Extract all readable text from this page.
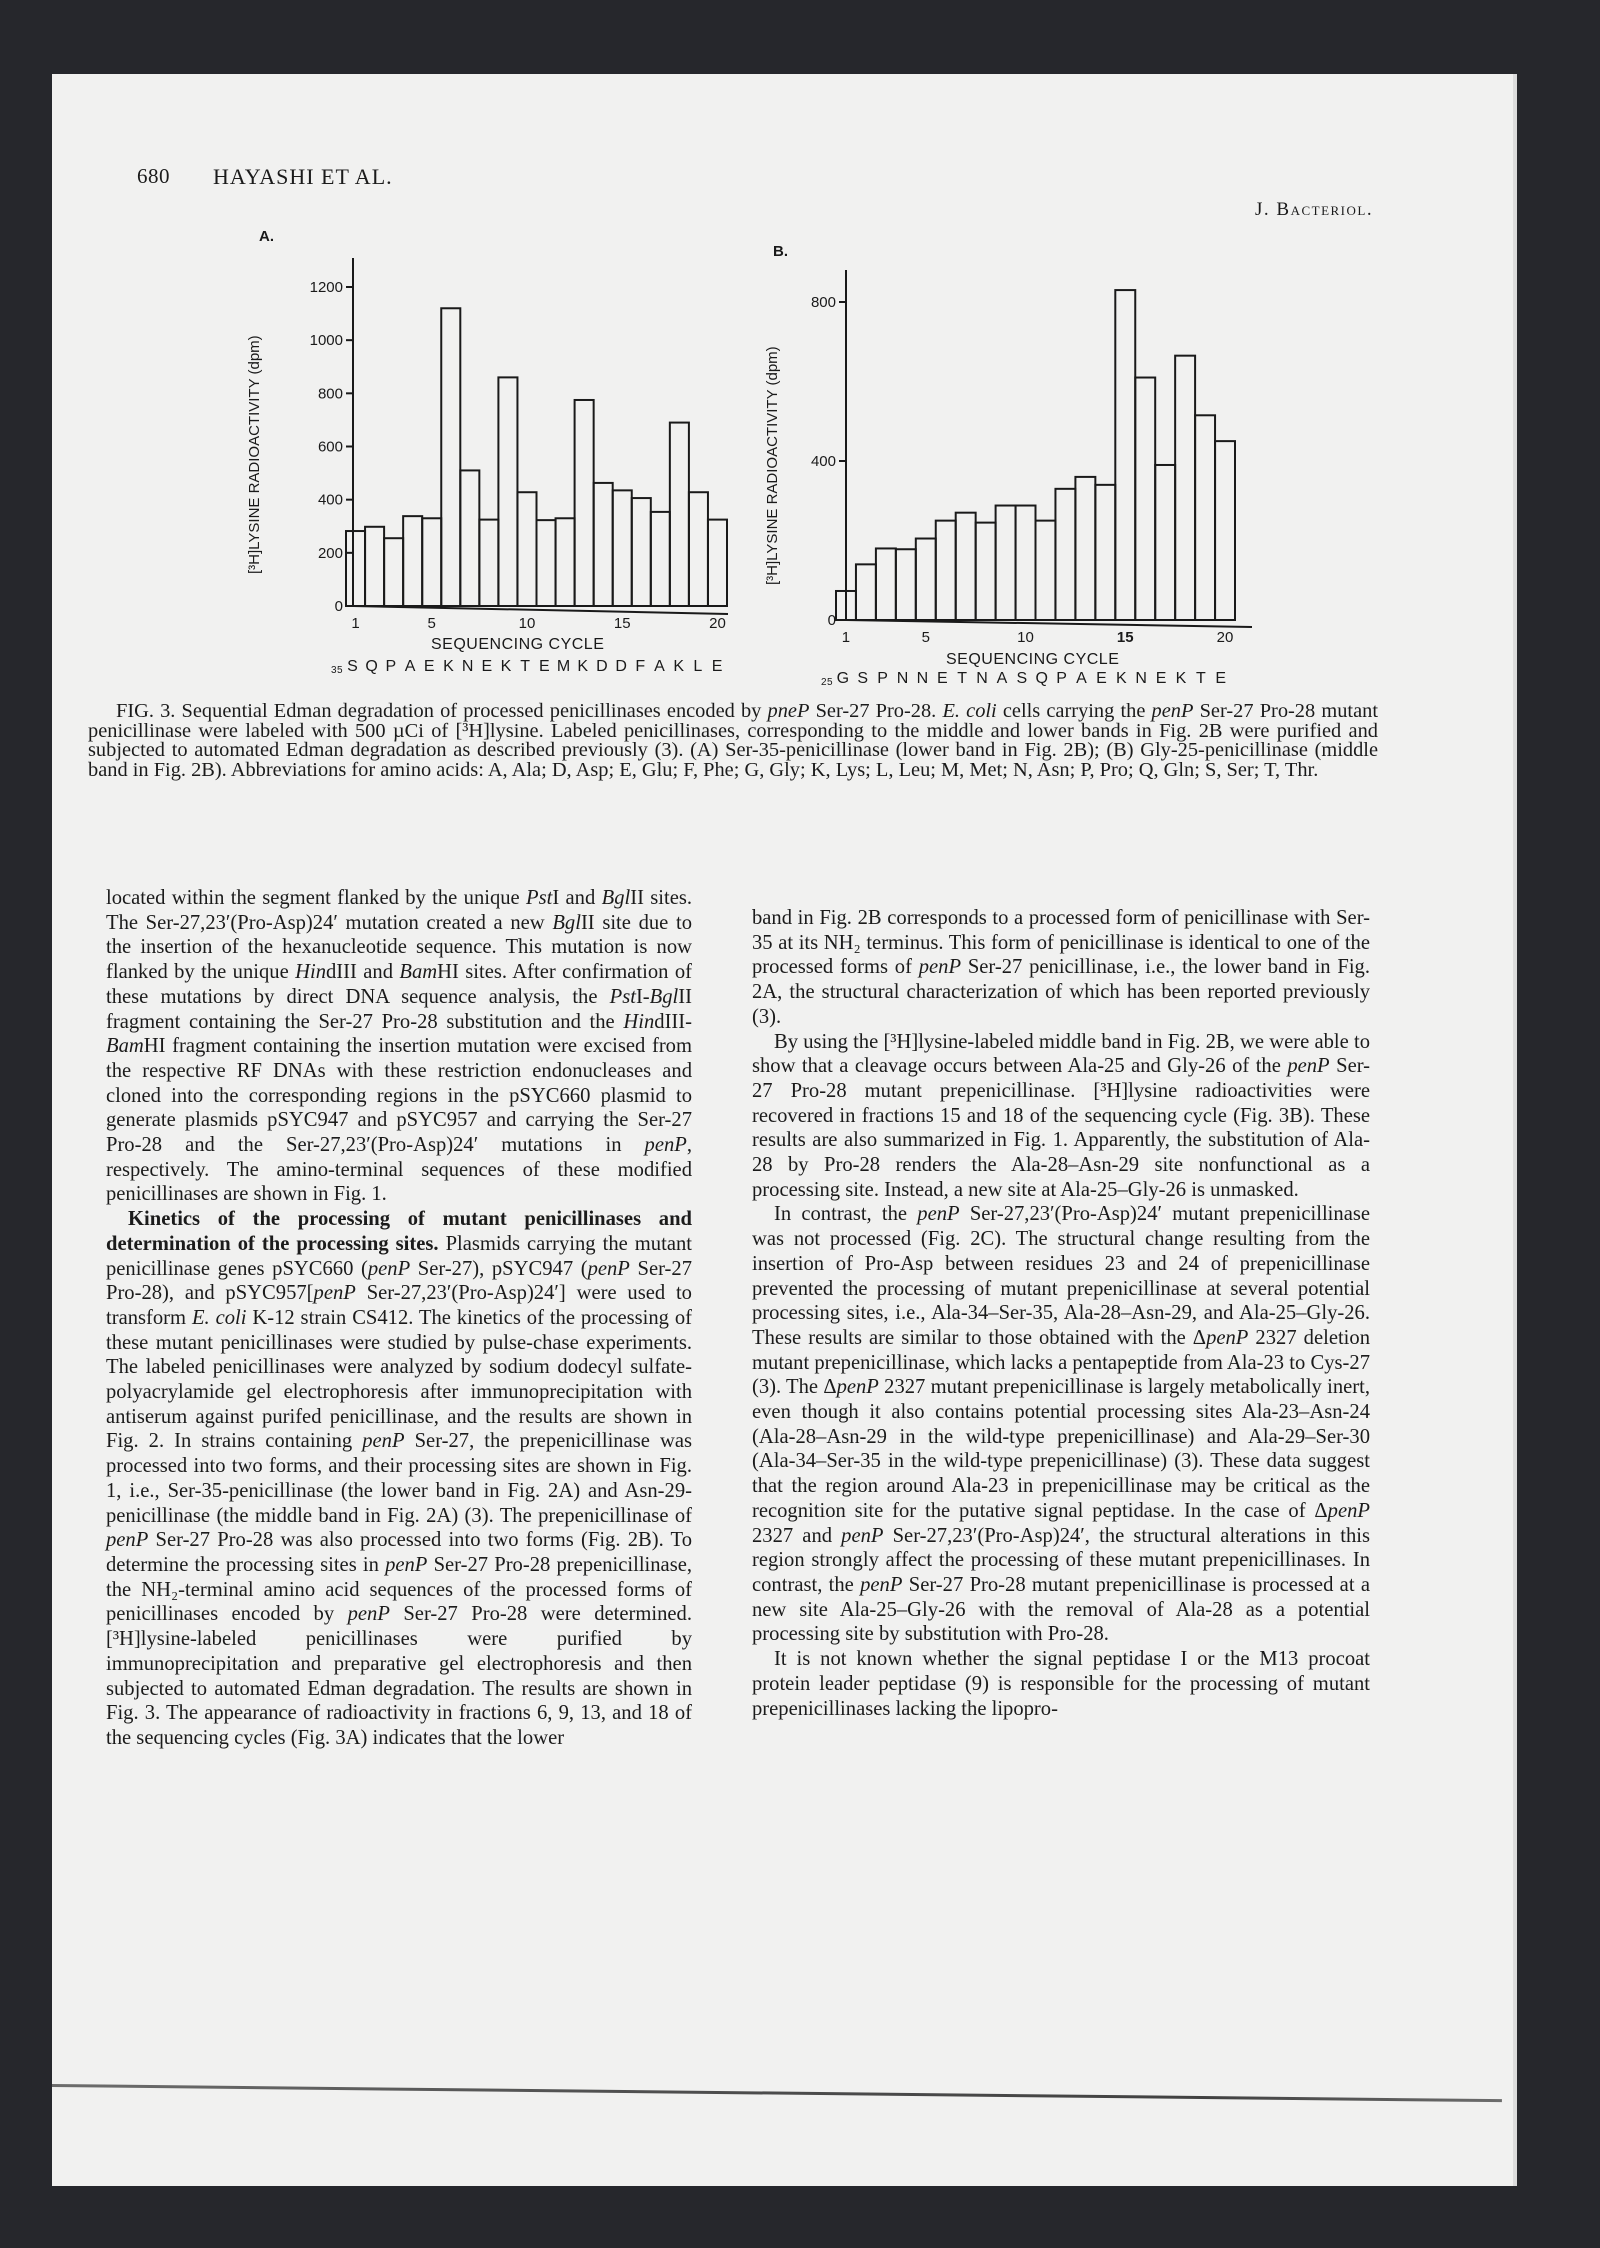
680 HAYASHI ET AL.
J. Bacteriol.
A.
[³H]LYSINE RADIOACTIVITY (dpm)
0
200
400
600
800
1000
1200
1	5	10	15	20
SEQUENCING CYCLE
$_{35}$ S Q P A E K N E K T E M K D D F A K L E
B.
[³H]LYSINE RADIOACTIVITY (dpm)
0
400
800
1	5	10	15	20
SEQUENCING CYCLE
$_{25}$ G S P N N E T N A S Q P A E K N E K T E
FIG. 3. Sequential Edman degradation of processed penicillinases encoded by pneP Ser-27 Pro-28. E. coli cells carrying the penP Ser-27 Pro-28 mutant penicillinase were labeled with 500 µCi of [³H]lysine. Labeled penicillinases, corresponding to the middle and lower bands in Fig. 2B were purified and subjected to automated Edman degradation as described previously (3). (A) Ser-35-penicillinase (lower band in Fig. 2B); (B) Gly-25-penicillinase (middle band in Fig. 2B). Abbreviations for amino acids: A, Ala; D, Asp; E, Glu; F, Phe; G, Gly; K, Lys; L, Leu; M, Met; N, Asn; P, Pro; Q, Gln; S, Ser; T, Thr.

located within the segment flanked by the unique PstI and BglII sites. The Ser-27,23′(Pro-Asp)24′ mutation created a new BglII site due to the insertion of the hexanucleotide sequence. This mutation is now flanked by the unique HindIII and BamHI sites. After confirmation of these mutations by direct DNA sequence analysis, the PstI-BglII fragment containing the Ser-27 Pro-28 substitution and the HindIII-BamHI fragment containing the insertion mutation were excised from the respective RF DNAs with these restriction endonucleases and cloned into the corresponding regions in the pSYC660 plasmid to generate plasmids pSYC947 and pSYC957 and carrying the Ser-27 Pro-28 and the Ser-27,23′(Pro-Asp)24′ mutations in penP, respectively. The amino-terminal sequences of these modified penicillinases are shown in Fig. 1.

Kinetics of the processing of mutant penicillinases and determination of the processing sites. Plasmids carrying the mutant penicillinase genes pSYC660 (penP Ser-27), pSYC947 (penP Ser-27 Pro-28), and pSYC957[penP Ser-27,23′(Pro-Asp)24′] were used to transform E. coli K-12 strain CS412. The kinetics of the processing of these mutant penicillinases were studied by pulse-chase experiments. The labeled penicillinases were analyzed by sodium dodecyl sulfate-polyacrylamide gel electrophoresis after immunoprecipitation with antiserum against purifed penicillinase, and the results are shown in Fig. 2. In strains containing penP Ser-27, the prepenicillinase was processed into two forms, and their processing sites are shown in Fig. 1, i.e., Ser-35-penicillinase (the lower band in Fig. 2A) and Asn-29-penicillinase (the middle band in Fig. 2A) (3). The prepenicillinase of penP Ser-27 Pro-28 was also processed into two forms (Fig. 2B). To determine the processing sites in penP Ser-27 Pro-28 prepenicillinase, the NH₂-terminal amino acid sequences of the processed forms of penicillinases encoded by penP Ser-27 Pro-28 were determined. [³H]lysine-labeled penicillinases were purified by immunoprecipitation and preparative gel electrophoresis and then subjected to automated Edman degradation. The results are shown in Fig. 3. The appearance of radioactivity in fractions 6, 9, 13, and 18 of the sequencing cycles (Fig. 3A) indicates that the lower

band in Fig. 2B corresponds to a processed form of penicillinase with Ser-35 at its NH₂ terminus. This form of penicillinase is identical to one of the processed forms of penP Ser-27 penicillinase, i.e., the lower band in Fig. 2A, the structural characterization of which has been reported previously (3).

By using the [³H]lysine-labeled middle band in Fig. 2B, we were able to show that a cleavage occurs between Ala-25 and Gly-26 of the penP Ser-27 Pro-28 mutant prepenicillinase. [³H]lysine radioactivities were recovered in fractions 15 and 18 of the sequencing cycle (Fig. 3B). These results are also summarized in Fig. 1. Apparently, the substitution of Ala-28 by Pro-28 renders the Ala-28–Asn-29 site nonfunctional as a processing site. Instead, a new site at Ala-25–Gly-26 is unmasked.

In contrast, the penP Ser-27,23′(Pro-Asp)24′ mutant prepenicillinase was not processed (Fig. 2C). The structural change resulting from the insertion of Pro-Asp between residues 23 and 24 of prepenicillinase prevented the processing of mutant prepenicillinase at several potential processing sites, i.e., Ala-34–Ser-35, Ala-28–Asn-29, and Ala-25–Gly-26. These results are similar to those obtained with the ΔpenP 2327 deletion mutant prepenicillinase, which lacks a pentapeptide from Ala-23 to Cys-27 (3). The ΔpenP 2327 mutant prepenicillinase is largely metabolically inert, even though it also contains potential processing sites Ala-23–Asn-24 (Ala-28–Asn-29 in the wild-type prepenicillinase) and Ala-29–Ser-30 (Ala-34–Ser-35 in the wild-type prepenicillinase) (3). These data suggest that the region around Ala-23 in prepenicillinase may be critical as the recognition site for the putative signal peptidase. In the case of ΔpenP 2327 and penP Ser-27,23′(Pro-Asp)24′, the structural alterations in this region strongly affect the processing of these mutant prepenicillinases. In contrast, the penP Ser-27 Pro-28 mutant prepenicillinase is processed at a new site Ala-25–Gly-26 with the removal of Ala-28 as a potential processing site by substitution with Pro-28.

It is not known whether the signal peptidase I or the M13 procoat protein leader peptidase (9) is responsible for the processing of mutant prepenicillinases lacking the lipopro-
